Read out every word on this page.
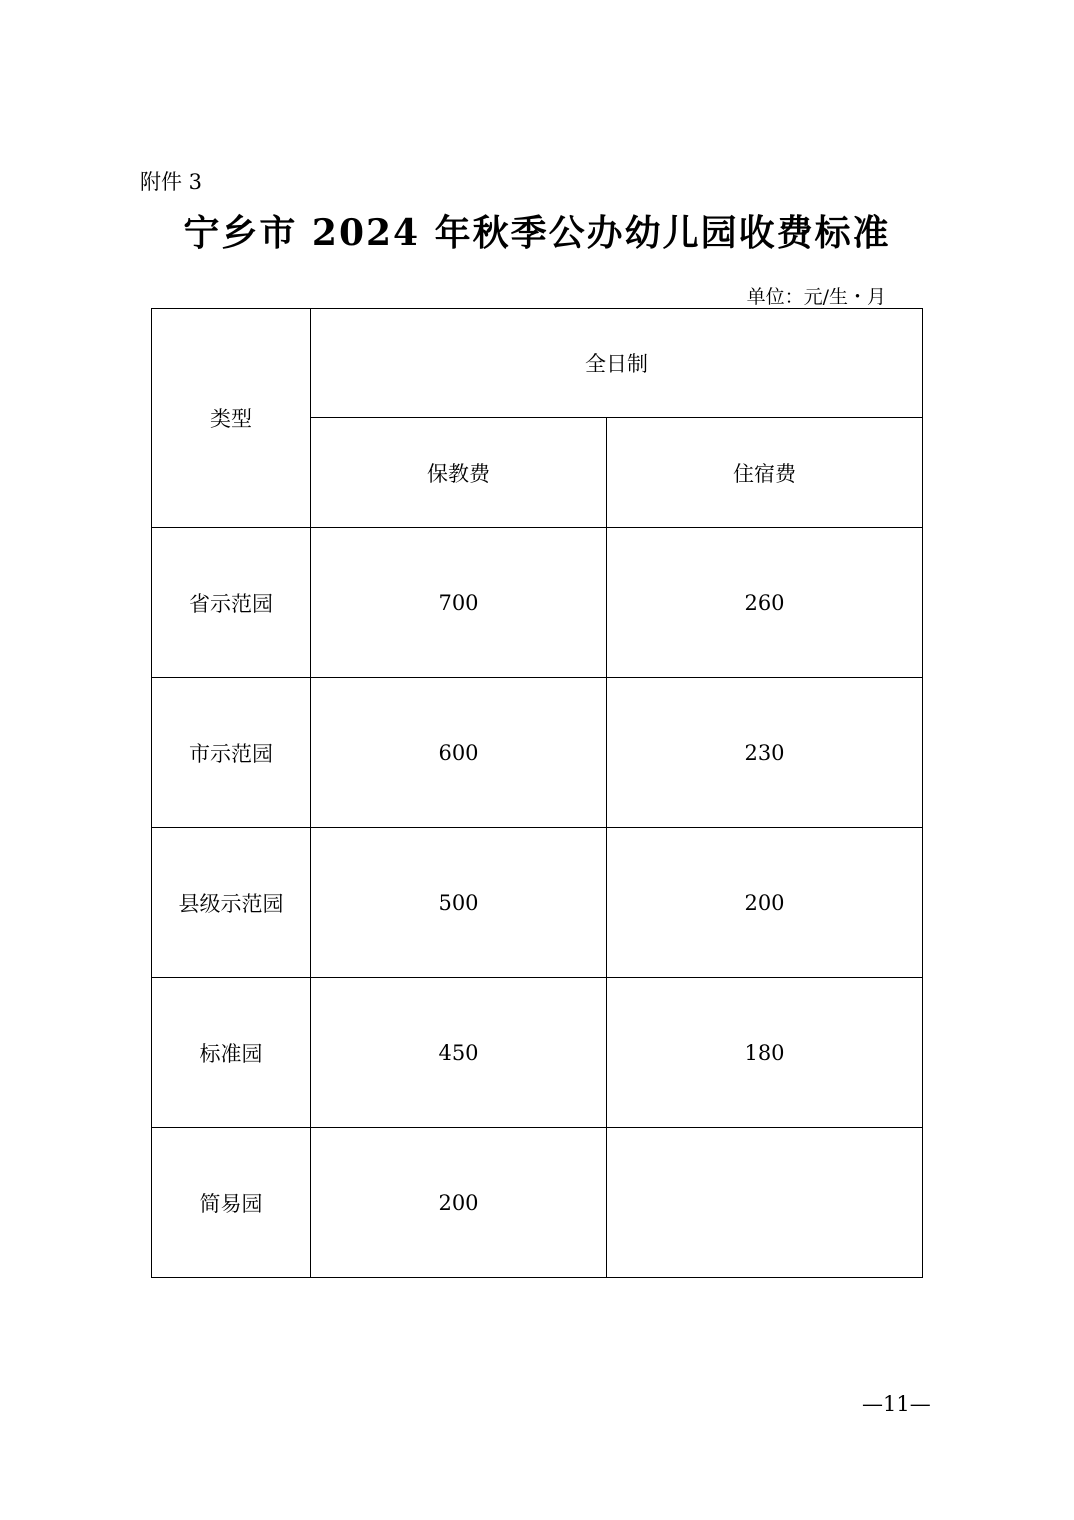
附件 3
宁乡市 2024 年秋季公办幼儿园收费标准
单位：元/生・月
类型	全日制	
	保教费	住宿费
省示范园	700	260
市示范园	600	230
县级示范园	500	200
标准园	450	180
简易园	200	
—11—
